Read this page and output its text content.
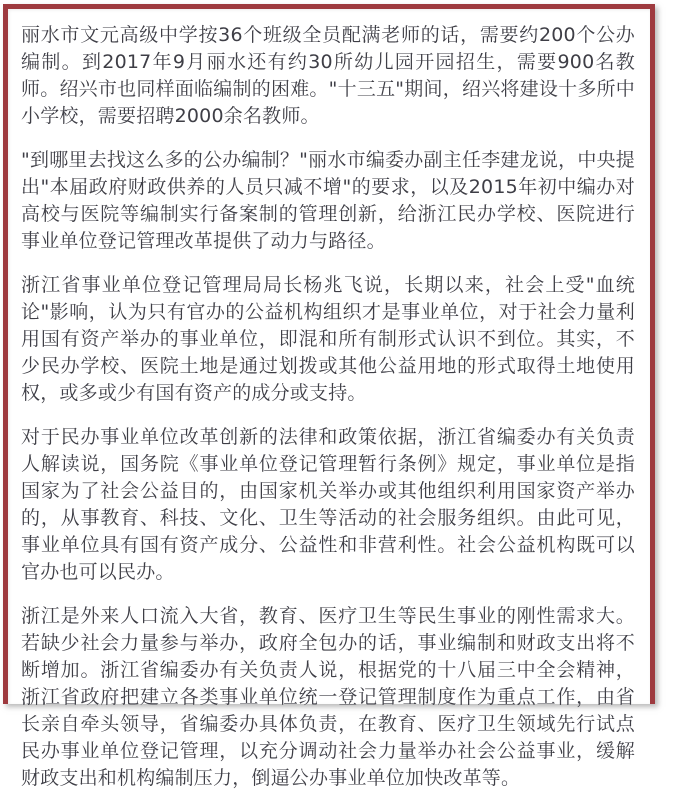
丽水市文元高级中学按36个班级全员配满老师的话，需要约200个公办编制。到2017年9月丽水还有约30所幼儿园开园招生，需要900名教师。绍兴市也同样面临编制的困难。"十三五"期间，绍兴将建设十多所中小学校，需要招聘2000余名教师。

"到哪里去找这么多的公办编制？"丽水市编委办副主任李建龙说，中央提出"本届政府财政供养的人员只减不增"的要求，以及2015年初中编办对高校与医院等编制实行备案制的管理创新，给浙江民办学校、医院进行事业单位登记管理改革提供了动力与路径。

浙江省事业单位登记管理局局长杨兆飞说，长期以来，社会上受"血统论"影响，认为只有官办的公益机构组织才是事业单位，对于社会力量利用国有资产举办的事业单位，即混和所有制形式认识不到位。其实，不少民办学校、医院土地是通过划拨或其他公益用地的形式取得土地使用权，或多或少有国有资产的成分或支持。

对于民办事业单位改革创新的法律和政策依据，浙江省编委办有关负责人解读说，国务院《事业单位登记管理暂行条例》规定，事业单位是指国家为了社会公益目的，由国家机关举办或其他组织利用国家资产举办的，从事教育、科技、文化、卫生等活动的社会服务组织。由此可见，事业单位具有国有资产成分、公益性和非营利性。社会公益机构既可以官办也可以民办。

浙江是外来人口流入大省，教育、医疗卫生等民生事业的刚性需求大。若缺少社会力量参与举办，政府全包办的话，事业编制和财政支出将不断增加。浙江省编委办有关负责人说，根据党的十八届三中全会精神，浙江省政府把建立各类事业单位统一登记管理制度作为重点工作，由省长亲自牵头领导，省编委办具体负责，在教育、医疗卫生领域先行试点民办事业单位登记管理，以充分调动社会力量举办社会公益事业，缓解财政支出和机构编制压力，倒逼公办事业单位加快改革等。
